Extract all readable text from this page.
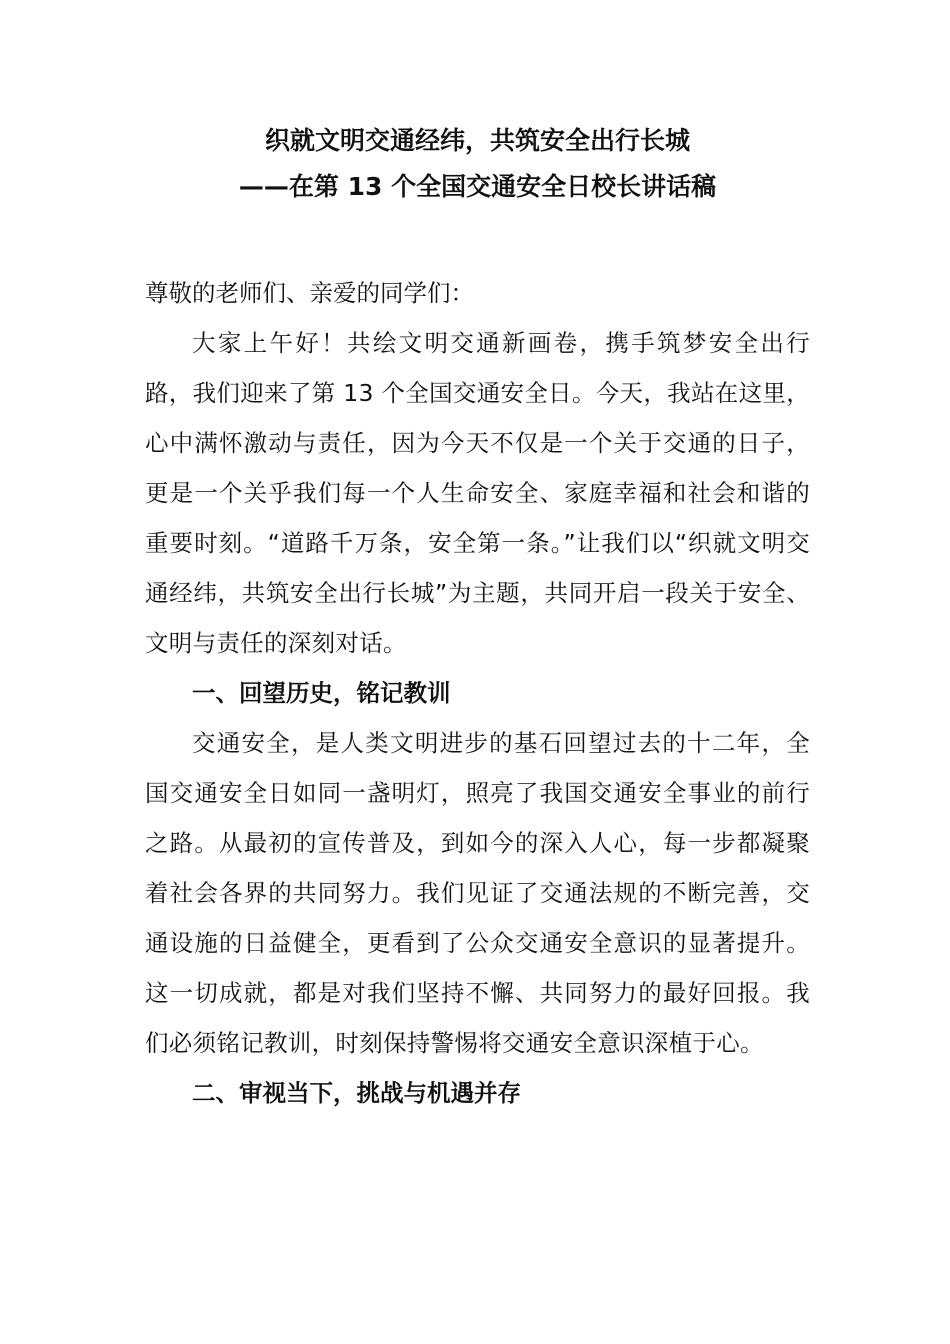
织就文明交通经纬，共筑安全出行长城
——在第 13 个全国交通安全日校长讲话稿
尊敬的老师们、亲爱的同学们：

大家上午好！共绘文明交通新画卷，携手筑梦安全出行路，我们迎来了第 13 个全国交通安全日。今天，我站在这里，心中满怀激动与责任，因为今天不仅是一个关于交通的日子，更是一个关乎我们每一个人生命安全、家庭幸福和社会和谐的重要时刻。“道路千万条，安全第一条。”让我们以“织就文明交通经纬，共筑安全出行长城”为主题，共同开启一段关于安全、文明与责任的深刻对话。

一、回望历史，铭记教训

交通安全，是人类文明进步的基石回望过去的十二年，全国交通安全日如同一盏明灯，照亮了我国交通安全事业的前行之路。从最初的宣传普及，到如今的深入人心，每一步都凝聚着社会各界的共同努力。我们见证了交通法规的不断完善，交通设施的日益健全，更看到了公众交通安全意识的显著提升。这一切成就，都是对我们坚持不懈、共同努力的最好回报。我们必须铭记教训，时刻保持警惕将交通安全意识深植于心。

二、审视当下，挑战与机遇并存
